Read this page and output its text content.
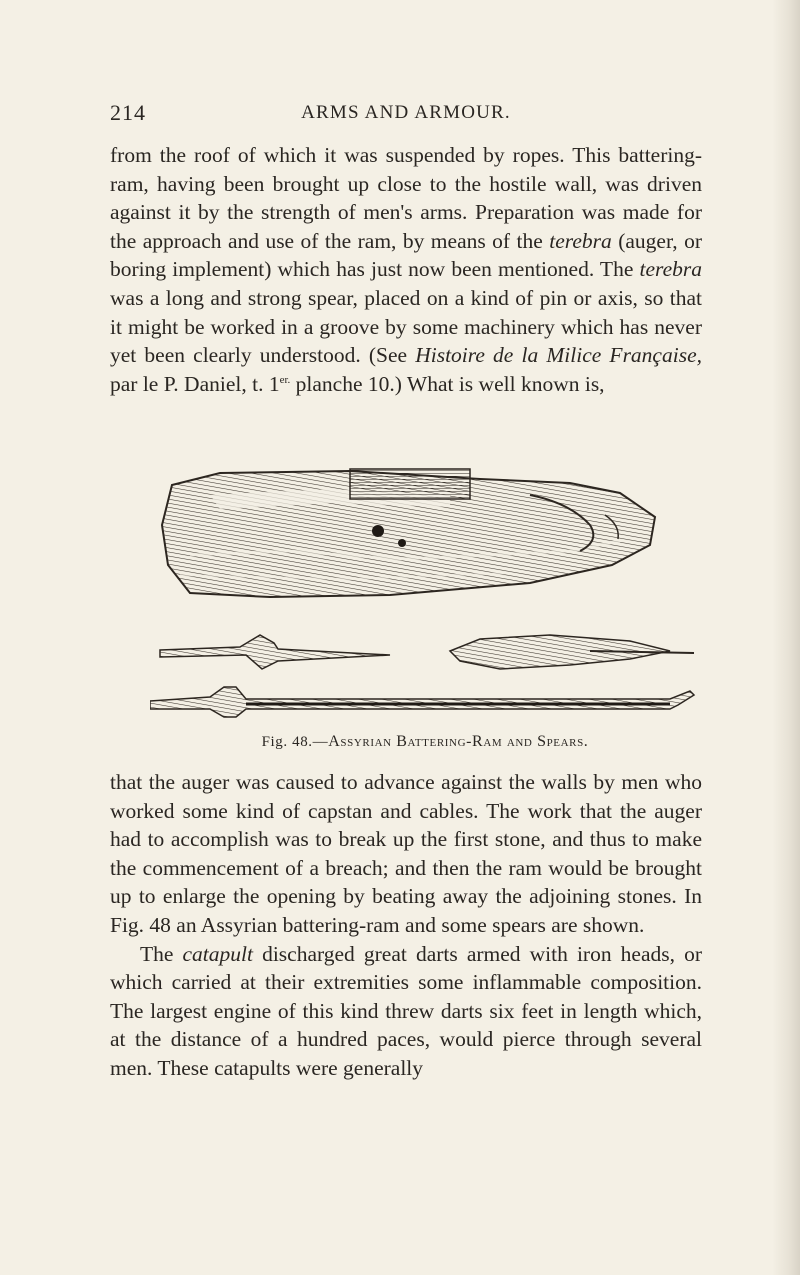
214	ARMS AND ARMOUR.

from the roof of which it was suspended by ropes. This battering-ram, having been brought up close to the hostile wall, was driven against it by the strength of men's arms. Preparation was made for the approach and use of the ram, by means of the terebra (auger, or boring implement) which has just now been mentioned. The terebra was a long and strong spear, placed on a kind of pin or axis, so that it might be worked in a groove by some machinery which has never yet been clearly understood. (See Histoire de la Milice Française, par le P. Daniel, t. $1^{er.}$ planche 10.) What is well known is,

Fig. 48.—Assyrian Battering-Ram and Spears.

that the auger was caused to advance against the walls by men who worked some kind of capstan and cables. The work that the auger had to accomplish was to break up the first stone, and thus to make the commencement of a breach; and then the ram would be brought up to enlarge the opening by beating away the adjoining stones. In Fig. 48 an Assyrian battering-ram and some spears are shown.

The catapult discharged great darts armed with iron heads, or which carried at their extremities some inflammable composition. The largest engine of this kind threw darts six feet in length which, at the distance of a hundred paces, would pierce through several men. These catapults were generally
